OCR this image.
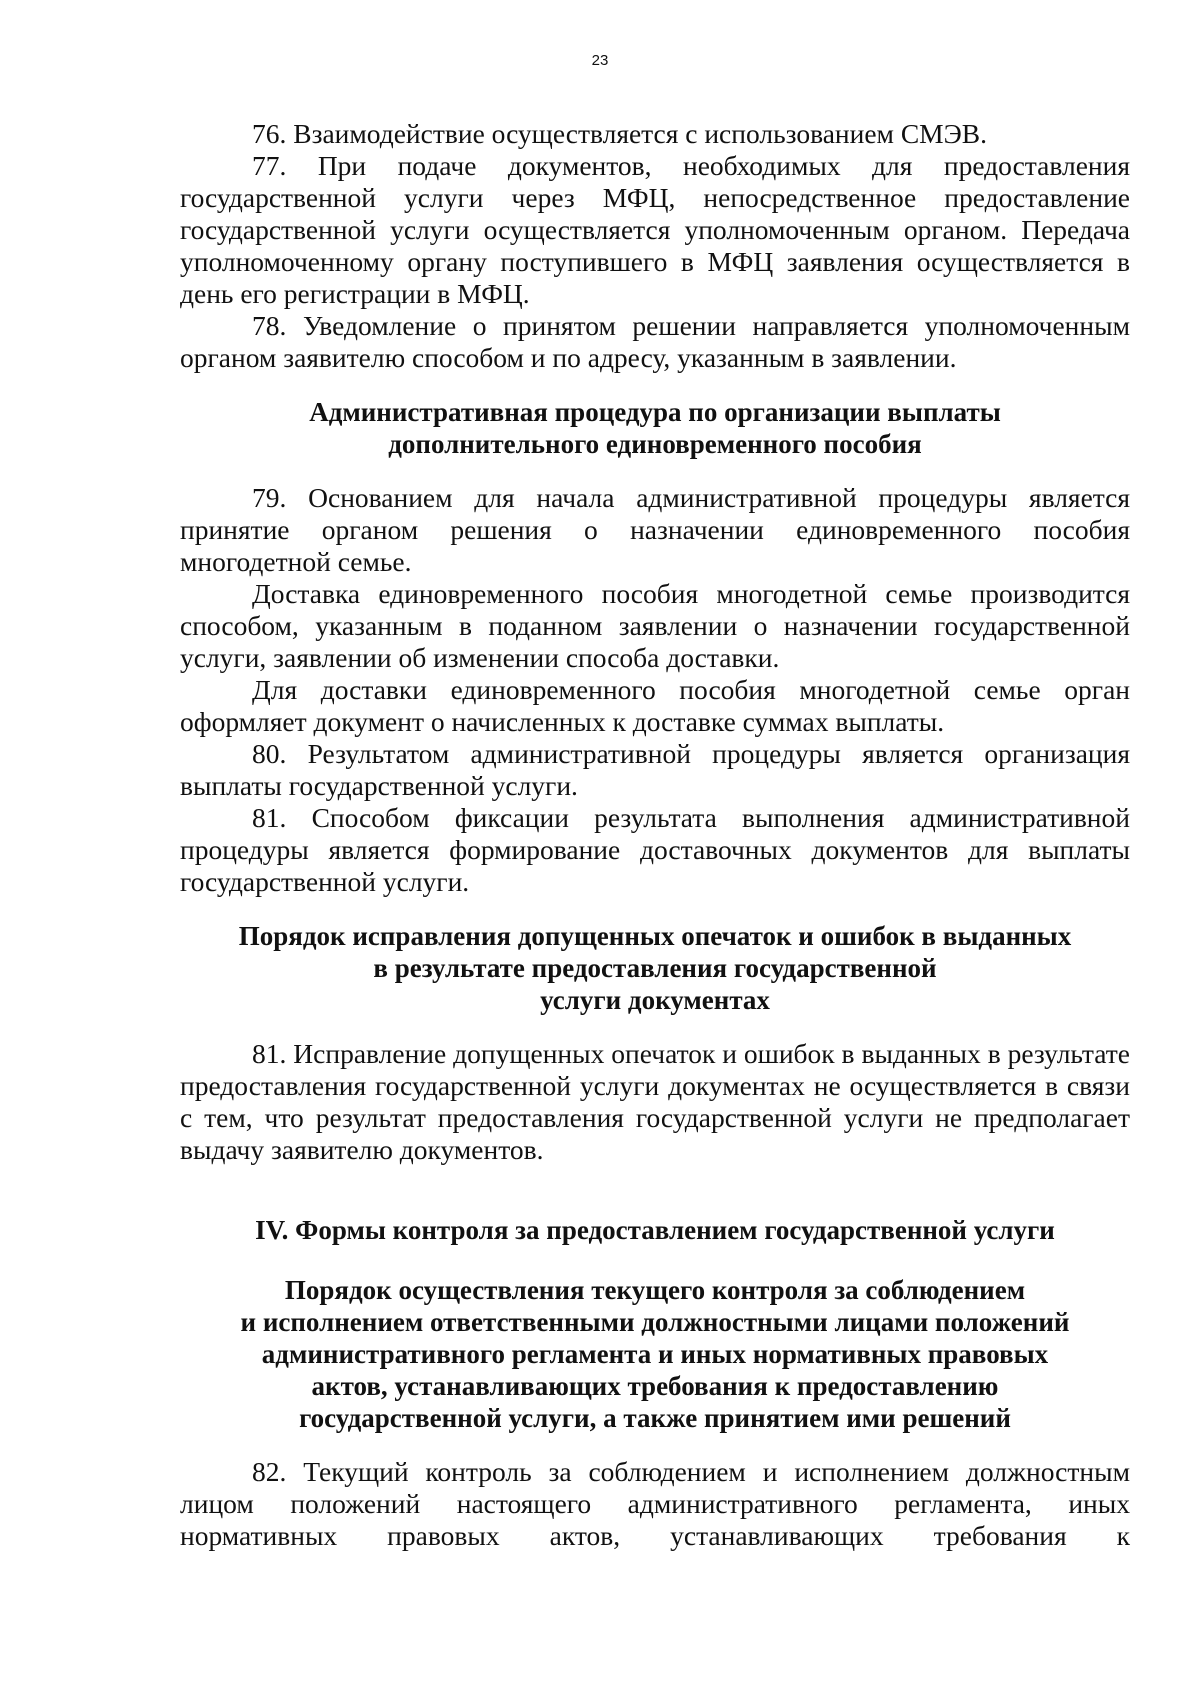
23

76. Взаимодействие осуществляется с использованием СМЭВ.

77. При подаче документов, необходимых для предоставления государственной услуги через МФЦ, непосредственное предоставление государственной услуги осуществляется уполномоченным органом. Передача уполномоченному органу поступившего в МФЦ заявления осуществляется в день его регистрации в МФЦ.

78. Уведомление о принятом решении направляется уполномоченным органом заявителю способом и по адресу, указанным в заявлении.

Административная процедура по организации выплаты
дополнительного единовременного пособия

79. Основанием для начала административной процедуры является принятие органом решения о назначении единовременного пособия многодетной семье.

Доставка единовременного пособия многодетной семье производится способом, указанным в поданном заявлении о назначении государственной услуги, заявлении об изменении способа доставки.

Для доставки единовременного пособия многодетной семье орган оформляет документ о начисленных к доставке суммах выплаты.

80. Результатом административной процедуры является организация выплаты государственной услуги.

81. Способом фиксации результата выполнения административной процедуры является формирование доставочных документов для выплаты государственной услуги.

Порядок исправления допущенных опечаток и ошибок в выданных
в результате предоставления государственной
услуги документах

81. Исправление допущенных опечаток и ошибок в выданных в результате предоставления государственной услуги документах не осуществляется в связи с тем, что результат предоставления государственной услуги не предполагает выдачу заявителю документов.

IV. Формы контроля за предоставлением государственной услуги
Порядок осуществления текущего контроля за соблюдением
и исполнением ответственными должностными лицами положений
административного регламента и иных нормативных правовых
актов, устанавливающих требования к предоставлению
государственной услуги, а также принятием ими решений

82. Текущий контроль за соблюдением и исполнением должностным лицом положений настоящего административного регламента, иных нормативных правовых актов, устанавливающих требования к
